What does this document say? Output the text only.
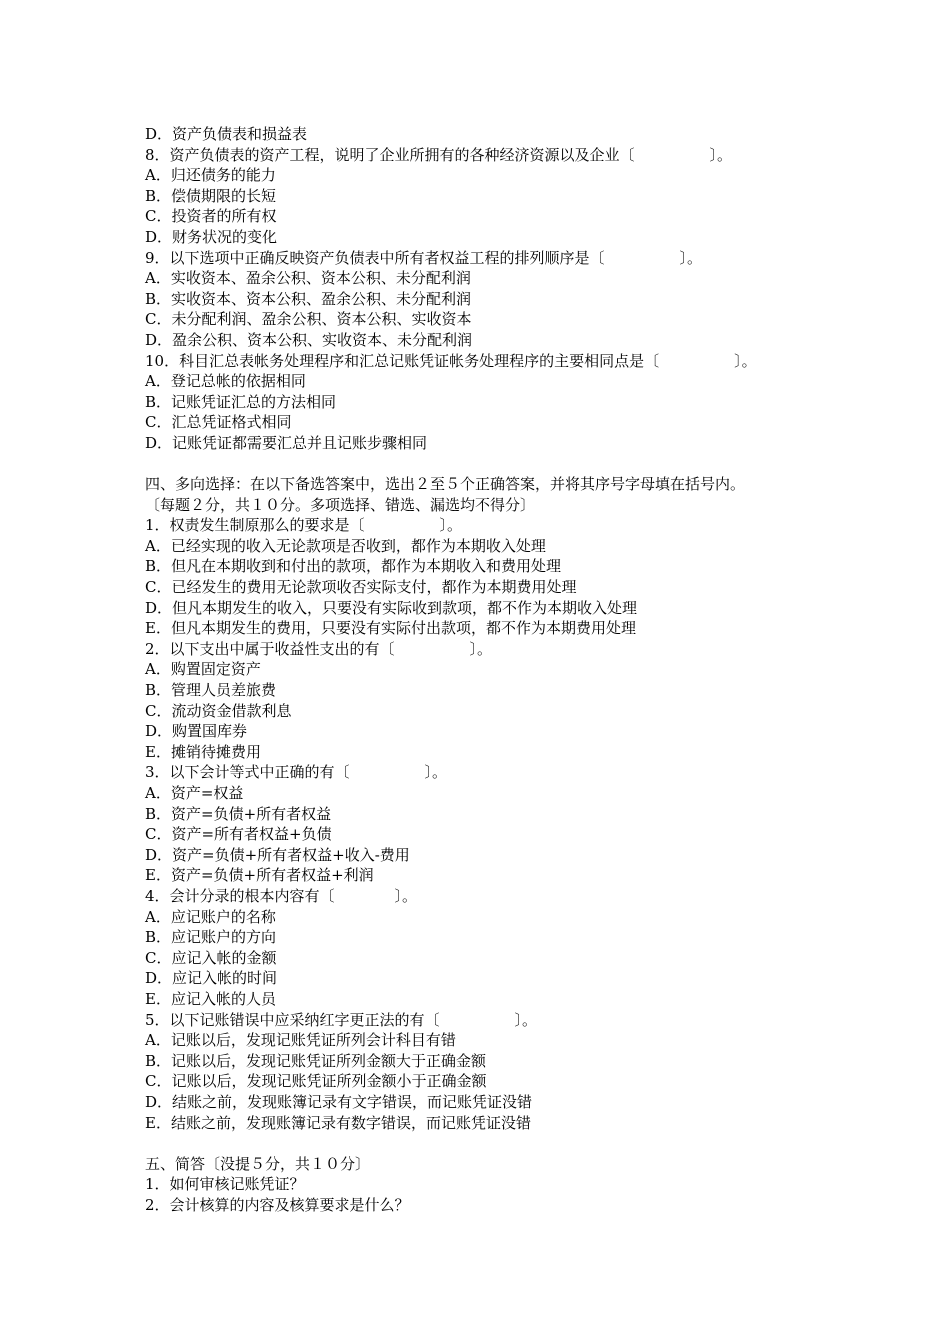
D．资产负债表和损益表
8．资产负债表的资产工程，说明了企业所拥有的各种经济资源以及企业〔　　　　　〕。
A．归还债务的能力
B．偿债期限的长短
C．投资者的所有权
D．财务状况的变化
9．以下选项中正确反映资产负债表中所有者权益工程的排列顺序是〔　　　　　〕。
A．实收资本、盈余公积、资本公积、未分配利润
B．实收资本、资本公积、盈余公积、未分配利润
C．未分配利润、盈余公积、资本公积、实收资本
D．盈余公积、资本公积、实收资本、未分配利润
10．科目汇总表帐务处理程序和汇总记账凭证帐务处理程序的主要相同点是〔　　　　　〕。
A．登记总帐的依据相同
B．记账凭证汇总的方法相同
C．汇总凭证格式相同
D．记账凭证都需要汇总并且记账步骤相同
四、多向选择：在以下备选答案中，选出２至５个正确答案，并将其序号字母填在括号内。
〔每题２分，共１０分。多项选择、错选、漏选均不得分〕
1．权责发生制原那么的要求是〔　　　　　〕。
A．已经实现的收入无论款项是否收到，都作为本期收入处理
B．但凡在本期收到和付出的款项，都作为本期收入和费用处理
C．已经发生的费用无论款项收否实际支付，都作为本期费用处理
D．但凡本期发生的收入，只要没有实际收到款项，都不作为本期收入处理
E．但凡本期发生的费用，只要没有实际付出款项，都不作为本期费用处理
2．以下支出中属于收益性支出的有〔　　　　　〕。
A．购置固定资产
B．管理人员差旅费
C．流动资金借款利息
D．购置国库券
E．摊销待摊费用
3．以下会计等式中正确的有〔　　　　　〕。
A．资产=权益
B．资产=负债+所有者权益
C．资产=所有者权益+负债
D．资产=负债+所有者权益+收入-费用
E．资产=负债+所有者权益+利润
4．会计分录的根本内容有〔　　　　〕。
A．应记账户的名称
B．应记账户的方向
C．应记入帐的金额
D．应记入帐的时间
E．应记入帐的人员
5．以下记账错误中应采纳红字更正法的有〔　　　　　〕。
A．记账以后，发现记账凭证所列会计科目有错
B．记账以后，发现记账凭证所列金额大于正确金额
C．记账以后，发现记账凭证所列金额小于正确金额
D．结账之前，发现账簿记录有文字错误，而记账凭证没错
E．结账之前，发现账簿记录有数字错误，而记账凭证没错
五、简答〔没提５分，共１０分〕
1．如何审核记账凭证？
2．会计核算的内容及核算要求是什么？
